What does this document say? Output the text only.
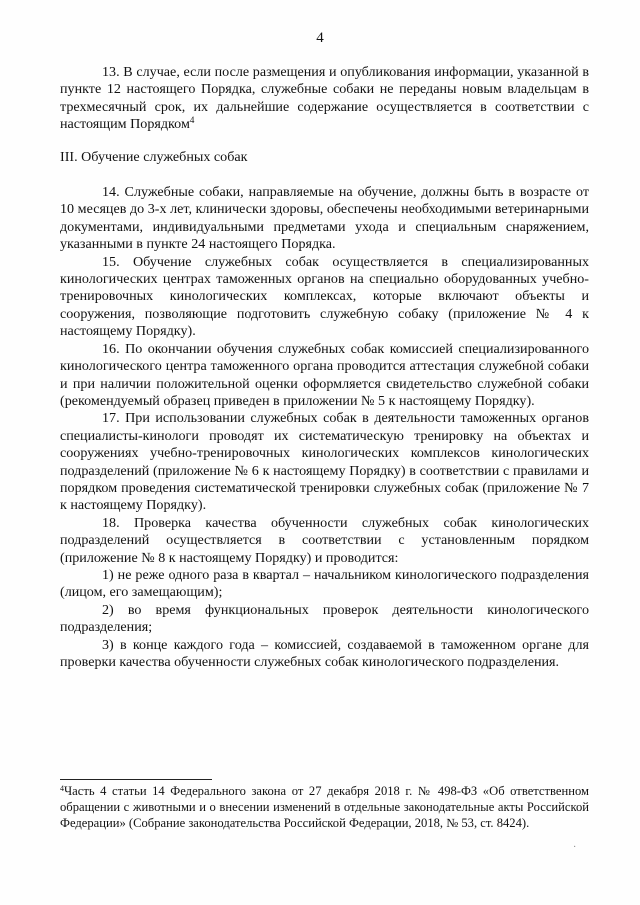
4

13. В случае, если после размещения и опубликования информации, указанной в пункте 12 настоящего Порядка, служебные собаки не переданы новым владельцам в трехмесячный срок, их дальнейшие содержание осуществляется в соответствии с настоящим Порядком$^4$

III. Обучение служебных собак

14. Служебные собаки, направляемые на обучение, должны быть в возрасте от 10 месяцев до 3-х лет, клинически здоровы, обеспечены необходимыми ветеринарными документами, индивидуальными предметами ухода и специальным снаряжением, указанными в пункте 24 настоящего Порядка.

15. Обучение служебных собак осуществляется в специализированных кинологических центрах таможенных органов на специально оборудованных учебно-тренировочных кинологических комплексах, которые включают объекты и сооружения, позволяющие подготовить служебную собаку (приложение № 4 к настоящему Порядку).

16. По окончании обучения служебных собак комиссией специализированного кинологического центра таможенного органа проводится аттестация служебной собаки и при наличии положительной оценки оформляется свидетельство служебной собаки (рекомендуемый образец приведен в приложении № 5 к настоящему Порядку).

17. При использовании служебных собак в деятельности таможенных органов специалисты-кинологи проводят их систематическую тренировку на объектах и сооружениях учебно-тренировочных кинологических комплексов кинологических подразделений (приложение № 6 к настоящему Порядку) в соответствии с правилами и порядком проведения систематической тренировки служебных собак (приложение № 7 к настоящему Порядку).

18. Проверка качества обученности служебных собак кинологических подразделений осуществляется в соответствии с установленным порядком (приложение № 8 к настоящему Порядку) и проводится:

1) не реже одного раза в квартал – начальником кинологического подразделения (лицом, его замещающим);

2) во время функциональных проверок деятельности кинологического подразделения;

3) в конце каждого года – комиссией, создаваемой в таможенном органе для проверки качества обученности служебных собак кинологического подразделения.

$^4$Часть 4 статьи 14 Федерального закона от 27 декабря 2018 г. № 498-ФЗ «Об ответственном обращении с животными и о внесении изменений в отдельные законодательные акты Российской Федерации» (Собрание законодательства Российской Федерации, 2018, № 53, ст. 8424).
·
